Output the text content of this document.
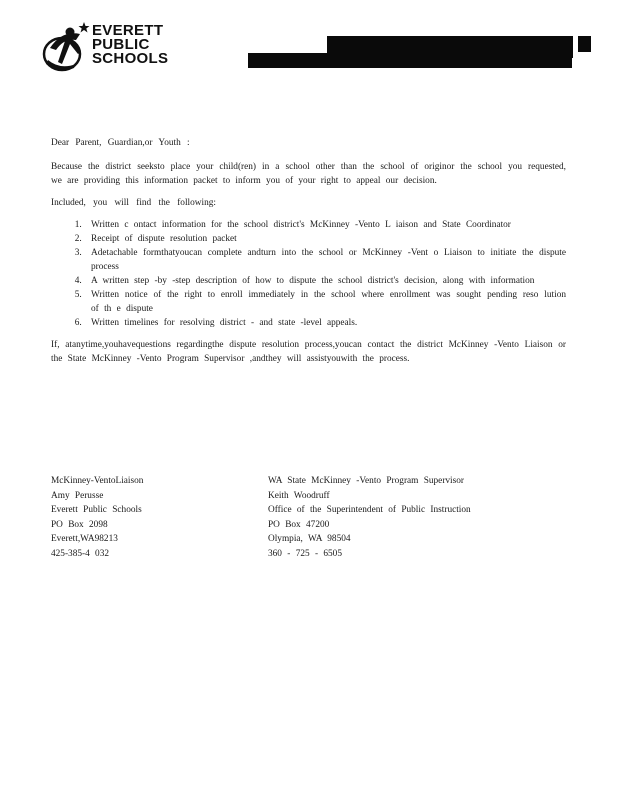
EVERETT
PUBLIC
SCHOOLS

Dear Parent, Guardian,or Youth :

Because the district seeksto place your child(ren) in a school other than the school of originor the school you requested, we are providing this information packet to inform you of your right to appeal our decision.

Included, you will find the following:

1. Written c ontact information for the school district's McKinney -Vento L iaison and State Coordinator
2. Receipt of dispute resolution packet
3. Adetachable formthatyoucan complete andturn into the school or McKinney -Vent o Liaison to initiate the dispute process
4. A written step -by -step description of how to dispute the school district's decision, along with information
5. Written notice of the right to enroll immediately in the school where enrollment was sought pending reso lution of th e dispute
6. Written timelines for resolving district - and state -level appeals.

If, atanytime,youhavequestions regardingthe dispute resolution process,youcan contact the district McKinney -Vento Liaison or the State McKinney -Vento Program Supervisor ,andthey will assistyouwith the process.

McKinney-VentoLiaison
Amy Perusse
Everett Public Schools
PO Box 2098
Everett,WA98213
425-385-4 032
WA State McKinney -Vento Program Supervisor
Keith Woodruff
Office of the Superintendent of Public Instruction
PO Box 47200
Olympia, WA 98504
360 - 725 - 6505
